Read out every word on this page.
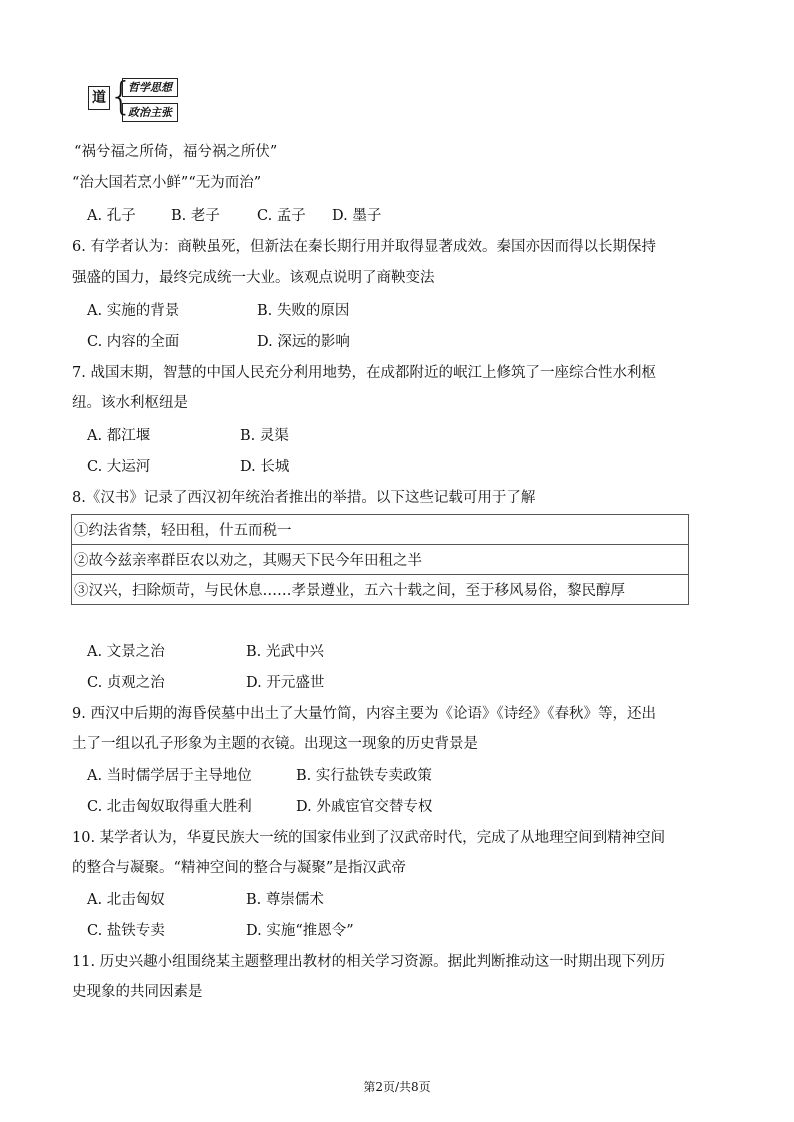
道 {
哲学思想
政治主张
“祸兮福之所倚，福兮祸之所伏”
“治大国若烹小鲜”“无为而治”
A. 孔子 B. 老子	C. 孟子 D. 墨子
6. 有学者认为：商鞅虽死，但新法在秦长期行用并取得显著成效。秦国亦因而得以长期保持
强盛的国力，最终完成统一大业。该观点说明了商鞅变法
A. 实施的背景	B. 失败的原因
C. 内容的全面	D. 深远的影响
7. 战国末期，智慧的中国人民充分利用地势，在成都附近的岷江上修筑了一座综合性水利枢
纽。该水利枢纽是
A. 都江堰	B. 灵渠
C. 大运河	D. 长城
8.《汉书》记录了西汉初年统治者推出的举措。以下这些记载可用于了解
①约法省禁，轻田租，什五而税一
②故今兹亲率群臣农以劝之，其赐天下民今年田租之半
③汉兴，扫除烦苛，与民休息……孝景遵业，五六十载之间，至于移风易俗，黎民醇厚
A. 文景之治	B. 光武中兴
C. 贞观之治	D. 开元盛世
9. 西汉中后期的海昏侯墓中出土了大量竹简，内容主要为《论语》《诗经》《春秋》等，还出
土了一组以孔子形象为主题的衣镜。出现这一现象的历史背景是
A. 当时儒学居于主导地位	B. 实行盐铁专卖政策
C. 北击匈奴取得重大胜利	D. 外戚宦官交替专权
10. 某学者认为，华夏民族大一统的国家伟业到了汉武帝时代，完成了从地理空间到精神空间
的整合与凝聚。“精神空间的整合与凝聚”是指汉武帝
A. 北击匈奴	B. 尊崇儒术
C. 盐铁专卖	D. 实施“推恩令”
11. 历史兴趣小组围绕某主题整理出教材的相关学习资源。据此判断推动这一时期出现下列历
史现象的共同因素是
第2页/共8页
